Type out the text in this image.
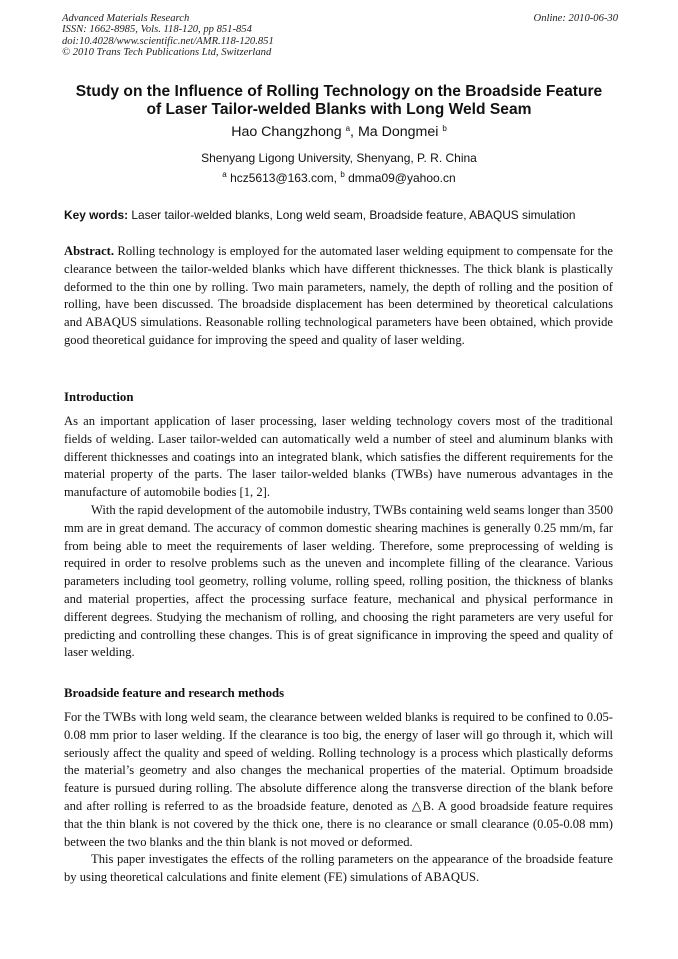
Advanced Materials Research
ISSN: 1662-8985, Vols. 118-120, pp 851-854
doi:10.4028/www.scientific.net/AMR.118-120.851
© 2010 Trans Tech Publications Ltd, Switzerland
Online: 2010-06-30
Study on the Influence of Rolling Technology on the Broadside Feature
of Laser Tailor-welded Blanks with Long Weld Seam
Hao Changzhong $^a$, Ma Dongmei $^b$
Shenyang Ligong University, Shenyang, P. R. China
$^a$ hcz5613@163.com, $^b$ dmma09@yahoo.cn
Key words: Laser tailor-welded blanks, Long weld seam, Broadside feature, ABAQUS simulation

Abstract. Rolling technology is employed for the automated laser welding equipment to compensate for the clearance between the tailor-welded blanks which have different thicknesses. The thick blank is plastically deformed to the thin one by rolling. Two main parameters, namely, the depth of rolling and the position of rolling, have been discussed. The broadside displacement has been determined by theoretical calculations and ABAQUS simulations. Reasonable rolling technological parameters have been obtained, which provide good theoretical guidance for improving the speed and quality of laser welding.

Introduction

As an important application of laser processing, laser welding technology covers most of the traditional fields of welding. Laser tailor-welded can automatically weld a number of steel and aluminum blanks with different thicknesses and coatings into an integrated blank, which satisfies the different requirements for the material property of the parts. The laser tailor-welded blanks (TWBs) have numerous advantages in the manufacture of automobile bodies [1, 2].

With the rapid development of the automobile industry, TWBs containing weld seams longer than 3500 mm are in great demand. The accuracy of common domestic shearing machines is generally 0.25 mm/m, far from being able to meet the requirements of laser welding. Therefore, some preprocessing of welding is required in order to resolve problems such as the uneven and incomplete filling of the clearance. Various parameters including tool geometry, rolling volume, rolling speed, rolling position, the thickness of blanks and material properties, affect the processing surface feature, mechanical and physical performance in different degrees. Studying the mechanism of rolling, and choosing the right parameters are very useful for predicting and controlling these changes. This is of great significance in improving the speed and quality of laser welding.

Broadside feature and research methods

For the TWBs with long weld seam, the clearance between welded blanks is required to be confined to 0.05-0.08 mm prior to laser welding. If the clearance is too big, the energy of laser will go through it, which will seriously affect the quality and speed of welding. Rolling technology is a process which plastically deforms the material’s geometry and also changes the mechanical properties of the material. Optimum broadside feature is pursued during rolling. The absolute difference along the transverse direction of the blank before and after rolling is referred to as the broadside feature, denoted as △B. A good broadside feature requires that the thin blank is not covered by the thick one, there is no clearance or small clearance (0.05-0.08 mm) between the two blanks and the thin blank is not moved or deformed.

This paper investigates the effects of the rolling parameters on the appearance of the broadside feature by using theoretical calculations and finite element (FE) simulations of ABAQUS.
